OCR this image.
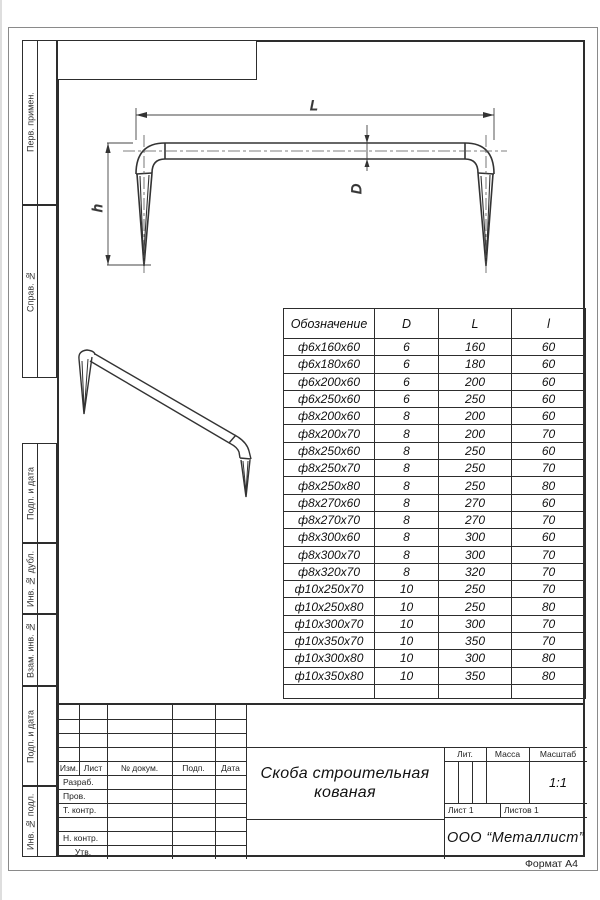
Перв. примен.
Справ. №
Подп. и дата
Инв. № дубл.
Взам. инв. №
Подп. и дата
Инв. № подл.
L
h
D
Обозначение	D	L	l
ф6х160х60	6	160	60
ф6х180х60	6	180	60
ф6х200х60	6	200	60
ф6х250х60	6	250	60
ф8х200х60	8	200	60
ф8х200х70	8	200	70
ф8х250х60	8	250	60
ф8х250х70	8	250	70
ф8х250х80	8	250	80
ф8х270х60	8	270	60
ф8х270х70	8	270	70
ф8х300х60	8	300	60
ф8х300х70	8	300	70
ф8х320х70	8	320	70
ф10х250х70	10	250	70
ф10х250х80	10	250	80
ф10х300х70	10	300	70
ф10х350х70	10	350	70
ф10х300х80	10	300	80
ф10х350х80	10	350	80

Изм. Лист	№ докум.	Подп.	Дата
Разраб.
Пров.
Т. контр.
Н. контр.
Утв.
Скоба строительная
кованая
Лит.	Масса	Масштаб
1:1
Лист 1	Листов 1
ООО “Металлист”
Формат А4
